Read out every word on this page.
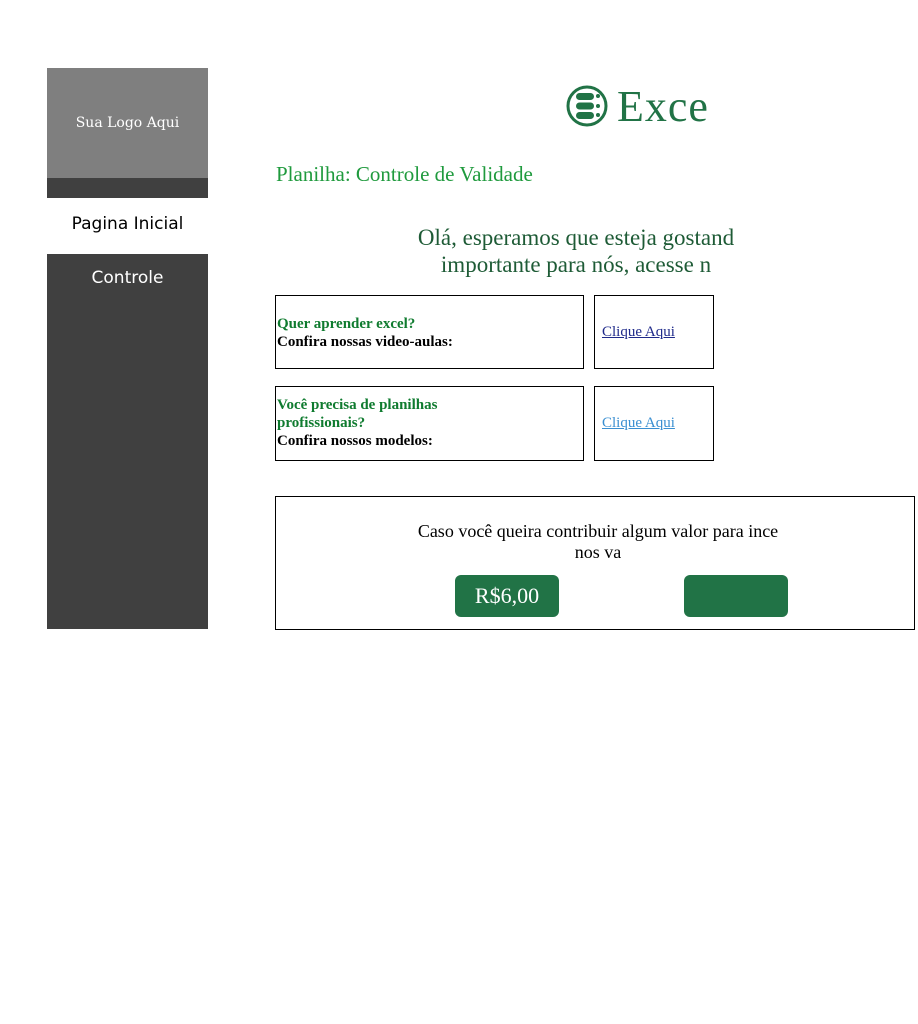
Sua Logo Aqui
Pagina Inicial
Controle
Exce
Planilha: Controle de Validade
Olá, esperamos que esteja gostand
importante para nós, acesse n
Quer aprender excel?
Confira nossas video-aulas:
Clique Aqui
Você precisa de planilhas
profissionais?
Confira nossos modelos:
Clique Aqui
Caso você queira contribuir algum valor para ince
nos va
R$6,00
